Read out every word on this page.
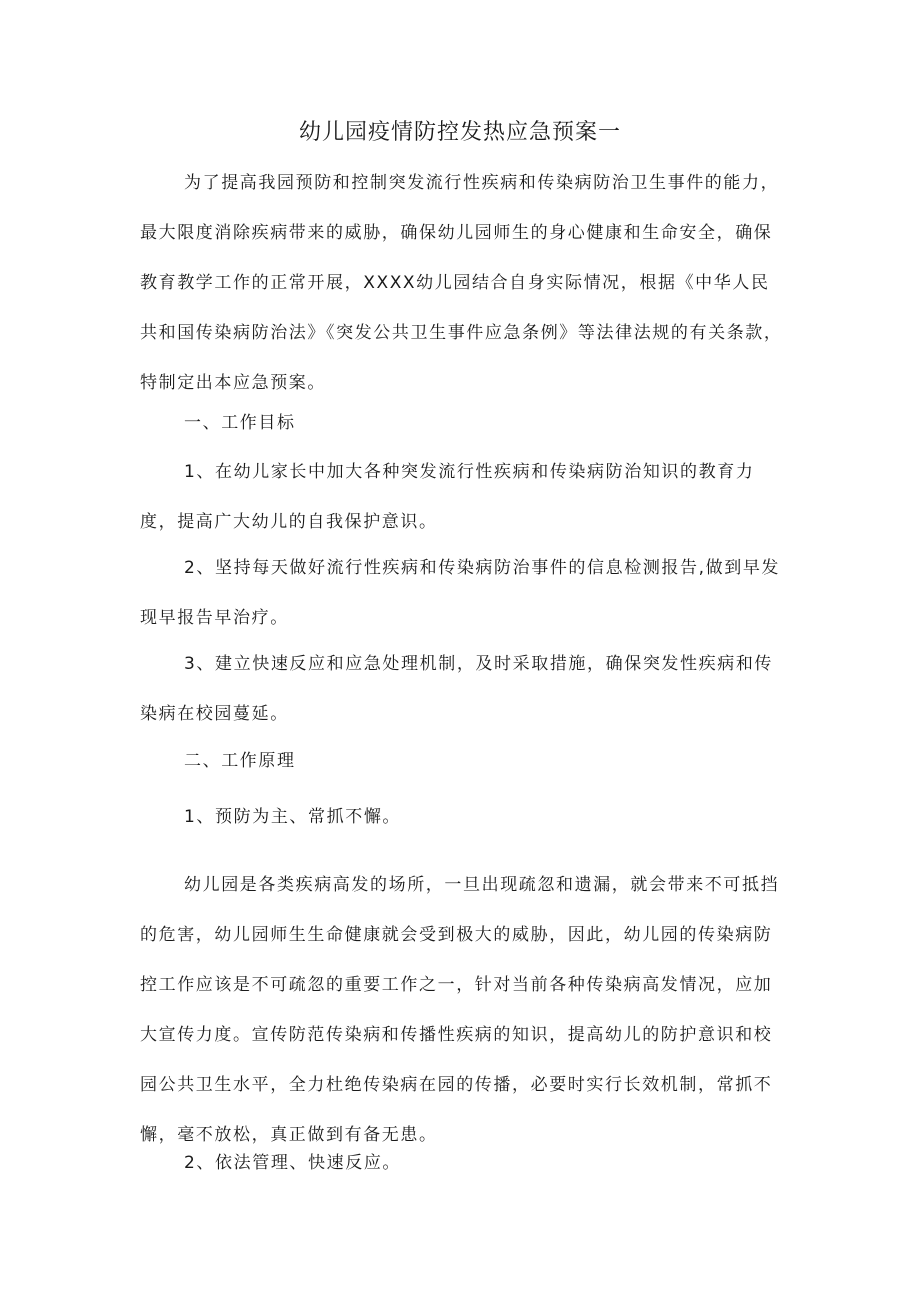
幼儿园疫情防控发热应急预案一

为了提高我园预防和控制突发流行性疾病和传染病防治卫生事件的能力，最大限度消除疾病带来的威胁，确保幼儿园师生的身心健康和生命安全，确保教育教学工作的正常开展，XXXX幼儿园结合自身实际情况，根据《中华人民共和国传染病防治法》《突发公共卫生事件应急条例》等法律法规的有关条款，特制定出本应急预案。

一、工作目标

1、在幼儿家长中加大各种突发流行性疾病和传染病防治知识的教育力度，提高广大幼儿的自我保护意识。

2、坚持每天做好流行性疾病和传染病防治事件的信息检测报告,做到早发现早报告早治疗。

3、建立快速反应和应急处理机制，及时采取措施，确保突发性疾病和传染病在校园蔓延。

二、工作原理

1、预防为主、常抓不懈。

幼儿园是各类疾病高发的场所，一旦出现疏忽和遗漏，就会带来不可抵挡的危害，幼儿园师生生命健康就会受到极大的威胁，因此，幼儿园的传染病防控工作应该是不可疏忽的重要工作之一，针对当前各种传染病高发情况，应加大宣传力度。宣传防范传染病和传播性疾病的知识，提高幼儿的防护意识和校园公共卫生水平，全力杜绝传染病在园的传播，必要时实行长效机制，常抓不懈，毫不放松，真正做到有备无患。

2、依法管理、快速反应。
